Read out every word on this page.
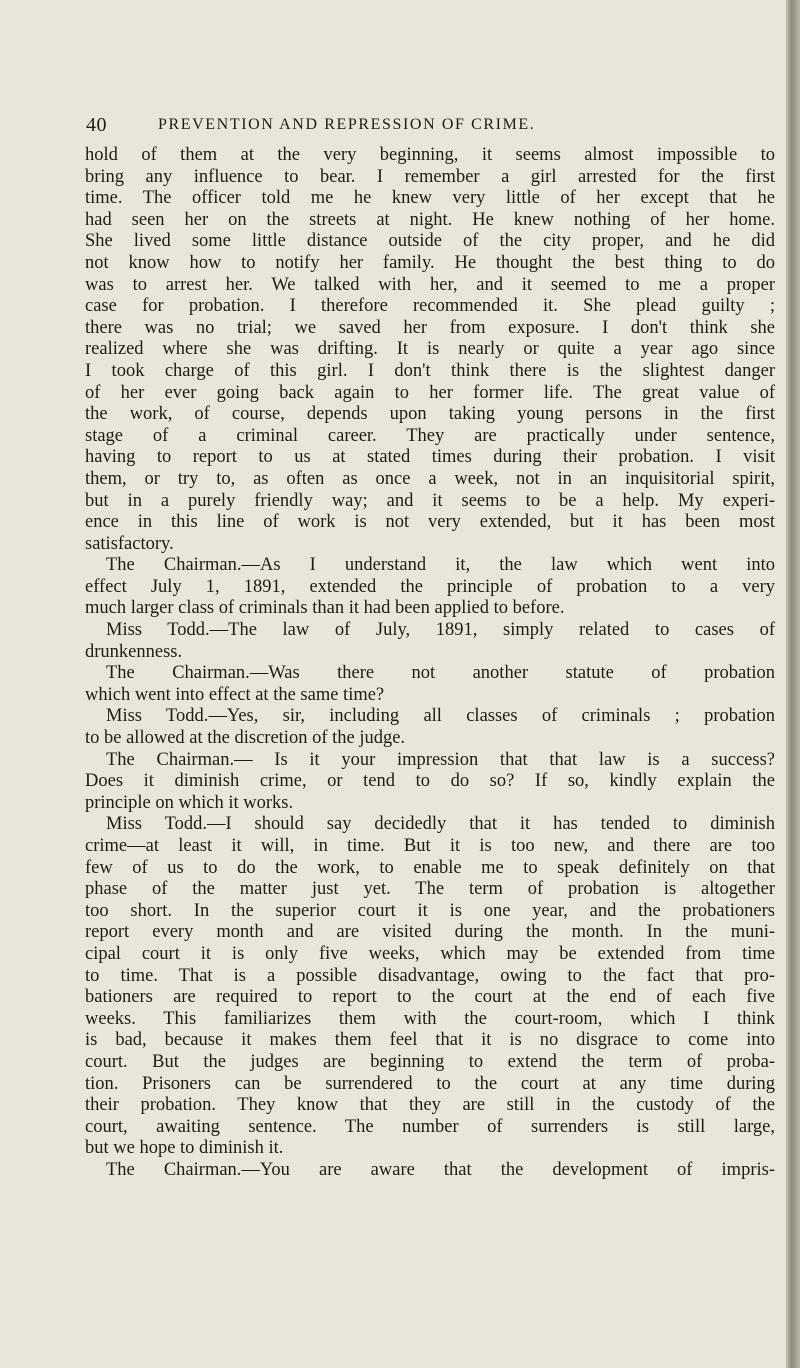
40	PREVENTION AND REPRESSION OF CRIME.
hold of them at the very beginning, it seems almost impossible to
bring any influence to bear. I remember a girl arrested for the first
time. The officer told me he knew very little of her except that he
had seen her on the streets at night. He knew nothing of her home.
She lived some little distance outside of the city proper, and he did
not know how to notify her family. He thought the best thing to do
was to arrest her. We talked with her, and it seemed to me a proper
case for probation. I therefore recommended it. She plead guilty ;
there was no trial; we saved her from exposure. I don't think she
realized where she was drifting. It is nearly or quite a year ago since
I took charge of this girl. I don't think there is the slightest danger
of her ever going back again to her former life. The great value of
the work, of course, depends upon taking young persons in the first
stage of a criminal career. They are practically under sentence,
having to report to us at stated times during their probation. I visit
them, or try to, as often as once a week, not in an inquisitorial spirit,
but in a purely friendly way; and it seems to be a help. My experi-
ence in this line of work is not very extended, but it has been most
satisfactory.
The Chairman.—As I understand it, the law which went into
effect July 1, 1891, extended the principle of probation to a very
much larger class of criminals than it had been applied to before.
Miss Todd.—The law of July, 1891, simply related to cases of
drunkenness.
The Chairman.—Was there not another statute of probation
which went into effect at the same time?
Miss Todd.—Yes, sir, including all classes of criminals ; probation
to be allowed at the discretion of the judge.
The Chairman.— Is it your impression that that law is a success?
Does it diminish crime, or tend to do so? If so, kindly explain the
principle on which it works.
Miss Todd.—I should say decidedly that it has tended to diminish
crime—at least it will, in time. But it is too new, and there are too
few of us to do the work, to enable me to speak definitely on that
phase of the matter just yet. The term of probation is altogether
too short. In the superior court it is one year, and the probationers
report every month and are visited during the month. In the muni-
cipal court it is only five weeks, which may be extended from time
to time. That is a possible disadvantage, owing to the fact that pro-
bationers are required to report to the court at the end of each five
weeks. This familiarizes them with the court-room, which I think
is bad, because it makes them feel that it is no disgrace to come into
court. But the judges are beginning to extend the term of proba-
tion. Prisoners can be surrendered to the court at any time during
their probation. They know that they are still in the custody of the
court, awaiting sentence. The number of surrenders is still large,
but we hope to diminish it.
The Chairman.—You are aware that the development of impris-
